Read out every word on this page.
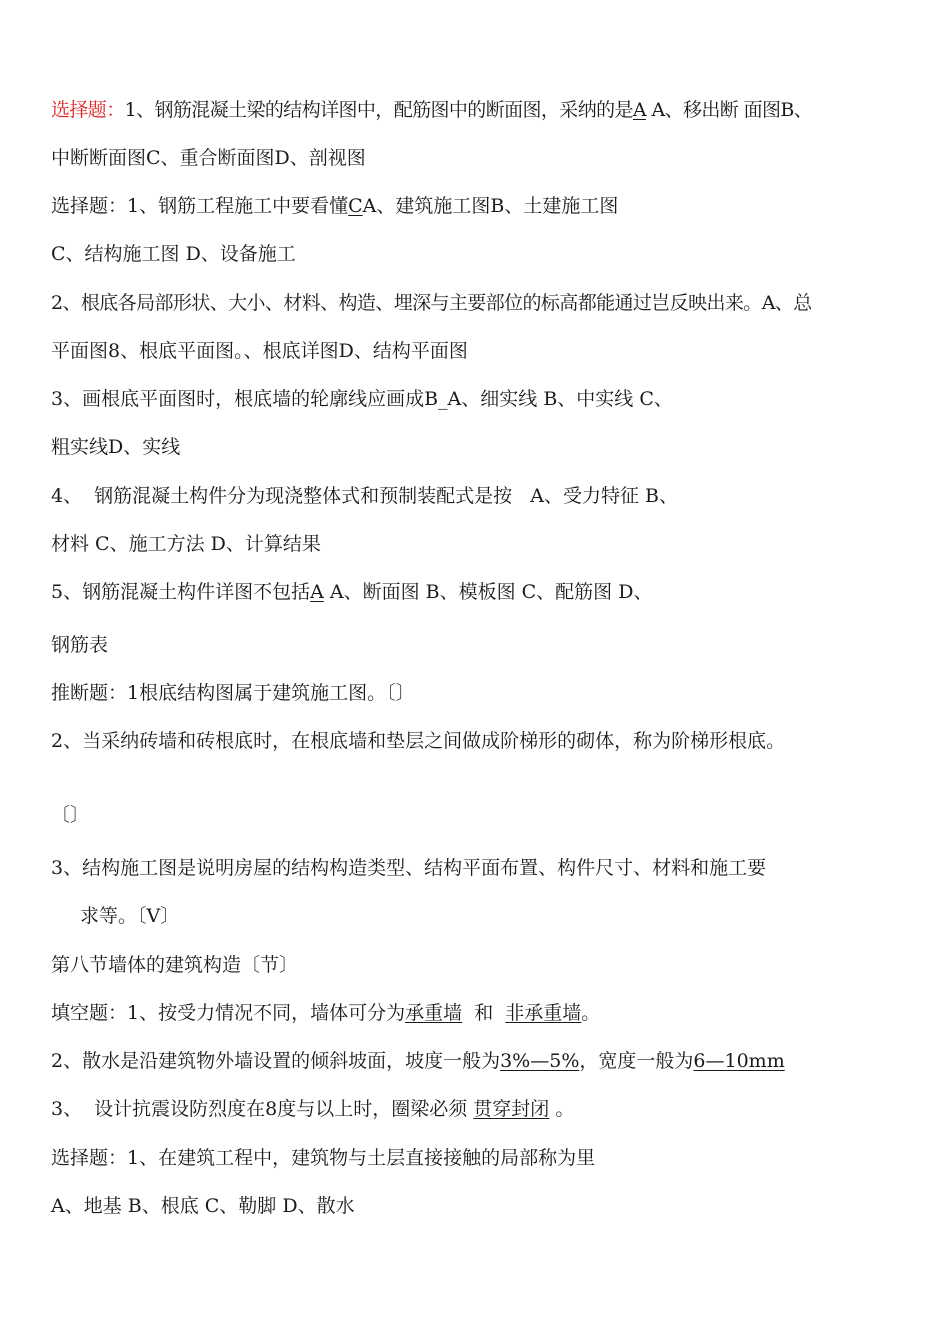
选择题：1、钢筋混凝土梁的结构详图中，配筋图中的断面图，采纳的是A A、移出断 面图B、
中断断面图C、重合断面图D、剖视图
选择题：1、钢筋工程施工中要看懂CA、建筑施工图B、土建施工图
C、结构施工图 D、设备施工
2、根底各局部形状、大小、材料、构造、埋深与主要部位的标高都能通过岂反映出来。A、总
平面图8、根底平面图。、根底详图D、结构平面图
3、画根底平面图时，根底墙的轮廓线应画成B_A、细实线 B、中实线 C、
粗实线D、实线
4、  钢筋混凝土构件分为现浇整体式和预制装配式是按   A、受力特征 B、
材料 C、施工方法 D、计算结果
5、钢筋混凝土构件详图不包括A A、断面图 B、模板图 C、配筋图 D、
钢筋表
推断题：1根底结构图属于建筑施工图。〔〕
2、当采纳砖墙和砖根底时，在根底墙和垫层之间做成阶梯形的砌体，称为阶梯形根底。
〔〕
3、结构施工图是说明房屋的结构构造类型、结构平面布置、构件尺寸、材料和施工要
求等。〔V〕
第八节墙体的建筑构造〔节〕
填空题：1、按受力情况不同，墙体可分为承重墙  和  非承重墙。
2、散水是沿建筑物外墙设置的倾斜坡面，坡度一般为3%—5%，宽度一般为6—10mm
3、  设计抗震设防烈度在8度与以上时，圈梁必须 贯穿封闭 。
选择题：1、在建筑工程中，建筑物与土层直接接触的局部称为里
A、地基 B、根底 C、勒脚 D、散水
